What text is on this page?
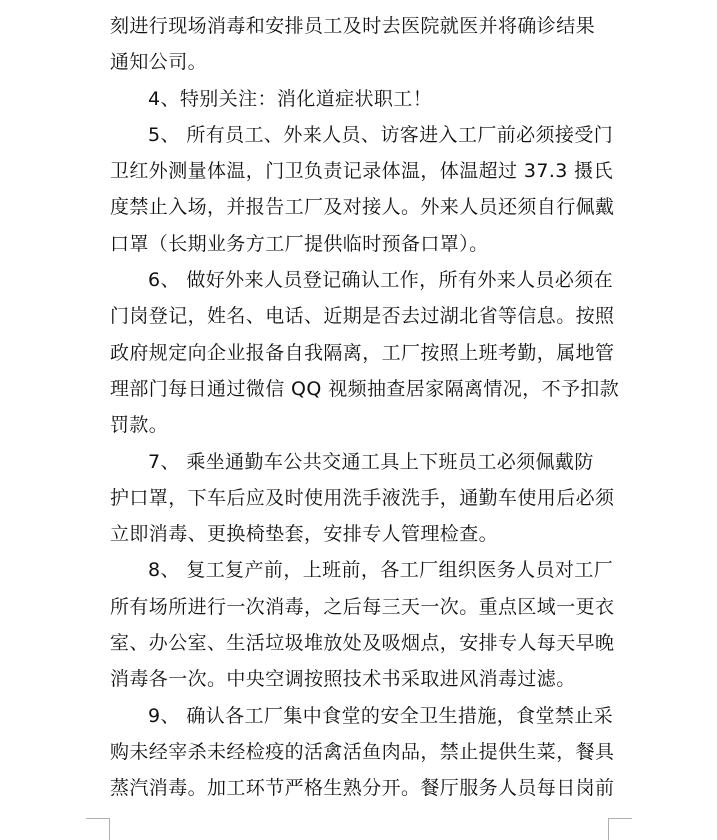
刻进行现场消毒和安排员工及时去医院就医并将确诊结果
通知公司。
4、特别关注：消化道症状职工！
5、 所有员工、外来人员、访客进入工厂前必须接受门
卫红外测量体温，门卫负责记录体温，体温超过 37.3 摄氏
度禁止入场，并报告工厂及对接人。外来人员还须自行佩戴
口罩（长期业务方工厂提供临时预备口罩）。
6、 做好外来人员登记确认工作，所有外来人员必须在
门岗登记，姓名、电话、近期是否去过湖北省等信息。按照
政府规定向企业报备自我隔离，工厂按照上班考勤，属地管
理部门每日通过微信 QQ 视频抽查居家隔离情况，不予扣款
罚款。
7、 乘坐通勤车公共交通工具上下班员工必须佩戴防
护口罩，下车后应及时使用洗手液洗手，通勤车使用后必须
立即消毒、更换椅垫套，安排专人管理检查。
8、 复工复产前，上班前，各工厂组织医务人员对工厂
所有场所进行一次消毒，之后每三天一次。重点区域一更衣
室、办公室、生活垃圾堆放处及吸烟点，安排专人每天早晚
消毒各一次。中央空调按照技术书采取进风消毒过滤。
9、 确认各工厂集中食堂的安全卫生措施，食堂禁止采
购未经宰杀未经检疫的活禽活鱼肉品，禁止提供生菜，餐具
蒸汽消毒。加工环节严格生熟分开。餐厅服务人员每日岗前
